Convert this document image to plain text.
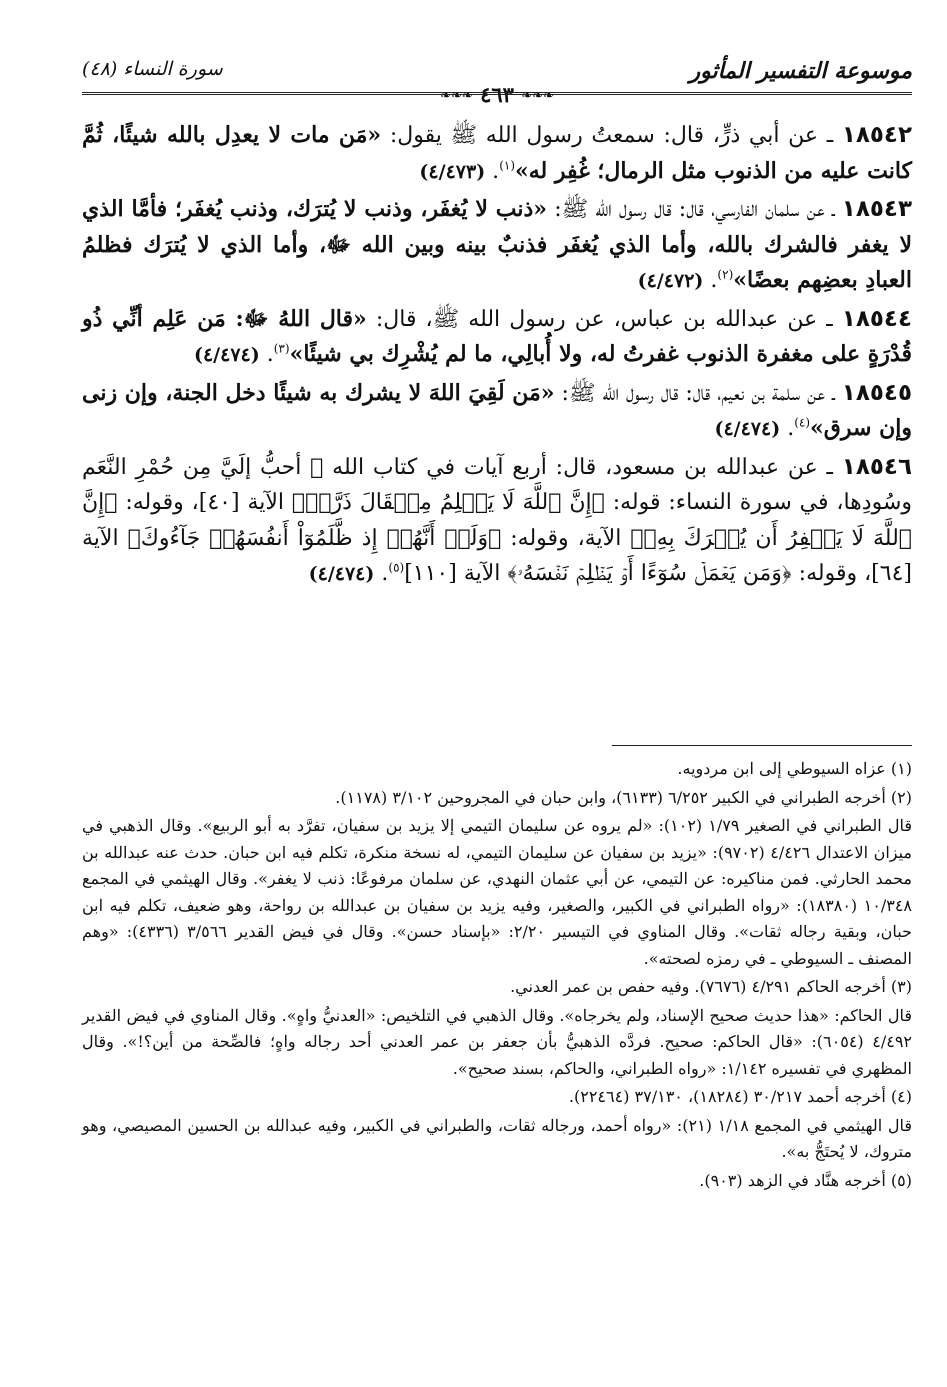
موسوعة التفسير المأثور
❧❧❧ ٤٦٣ ❧❧❧
سورة النساء (٤٨)

١٨٥٤٢ ـ عن أبي ذرٍّ، قال: سمعتُ رسول الله ﷺ يقول: «مَن مات لا يعدِل بالله شيئًا، ثُمَّ كانت عليه من الذنوب مثل الرمال؛ غُفِر له»$^{(١)}$. (٤/٤٧٣)

١٨٥٤٣ ـ عن سلمان الفارسي، قال: قال رسول الله ﷺ: «ذنب لا يُغفَر، وذنب لا يُترَك، وذنب يُغفَر؛ فأمَّا الذي لا يغفر فالشرك بالله، وأما الذي يُغفَر فذنبٌ بينه وبين الله ﷻ، وأما الذي لا يُترَك فظلمُ العبادِ بعضِهم بعضًا»$^{(٢)}$. (٤/٤٧٢)

١٨٥٤٤ ـ عن عبدالله بن عباس، عن رسول الله ﷺ، قال: «قال اللهُ ﷻ: مَن عَلِم أنِّي ذُو قُدْرَةٍ على مغفرة الذنوب غفرتُ له، ولا أُبالِي، ما لم يُشْرِك بي شيئًا»$^{(٣)}$. (٤/٤٧٤)

١٨٥٤٥ ـ عن سلمة بن نعيم، قال: قال رسول الله ﷺ: «مَن لَقِيَ اللهَ لا يشرك به شيئًا دخل الجنة، وإن زنى وإن سرق»$^{(٤)}$. (٤/٤٧٤)

١٨٥٤٦ ـ عن عبدالله بن مسعود، قال: أربع آيات في كتاب الله ﷻ أحبُّ إلَيَّ مِن حُمْرِ النَّعَم وسُودِها، في سورة النساء: قوله: ﴿إِنَّ ٱللَّهَ لَا يَظۡلِمُ مِثۡقَالَ ذَرَّةٖ﴾ الآية [٤٠]، وقوله: ﴿إِنَّ ٱللَّهَ لَا يَغۡفِرُ أَن يُشۡرَكَ بِهِۦ﴾ الآية، وقوله: ﴿وَلَوۡ أَنَّهُمۡ إِذ ظَّلَمُوٓاْ أَنفُسَهُمۡ جَآءُوكَ﴾ الآية [٦٤]، وقوله: ﴿وَمَن يَعۡمَلۡ سُوٓءًا أَوۡ يَظۡلِمۡ نَفۡسَهُۥ﴾ الآية [١١٠]$^{(٥)}$. (٤/٤٧٤)

(١) عزاه السيوطي إلى ابن مردويه.

(٢) أخرجه الطبراني في الكبير ٦/٢٥٢ (٦١٣٣)، وابن حبان في المجروحين ٣/١٠٢ (١١٧٨).

قال الطبراني في الصغير ١/٧٩ (١٠٢): «لم يروه عن سليمان التيمي إلا يزيد بن سفيان، تفرَّد به أبو الربيع». وقال الذهبي في ميزان الاعتدال ٤/٤٢٦ (٩٧٠٢): «يزيد بن سفيان عن سليمان التيمي، له نسخة منكرة، تكلم فيه ابن حبان. حدث عنه عبدالله بن محمد الحارثي. فمن مناكيره: عن التيمي، عن أبي عثمان النهدي، عن سلمان مرفوعًا: ذنب لا يغفر». وقال الهيثمي في المجمع ١٠/٣٤٨ (١٨٣٨٠): «رواه الطبراني في الكبير، والصغير، وفيه يزيد بن سفيان بن عبدالله بن رواحة، وهو ضعيف، تكلم فيه ابن حبان، وبقية رجاله ثقات». وقال المناوي في التيسير ٢/٢٠: «بإسناد حسن». وقال في فيض القدير ٣/٥٦٦ (٤٣٣٦): «وهم المصنف ـ السيوطي ـ في رمزه لصحته».

(٣) أخرجه الحاكم ٤/٢٩١ (٧٦٧٦). وفيه حفص بن عمر العدني.

قال الحاكم: «هذا حديث صحيح الإسناد، ولم يخرجاه». وقال الذهبي في التلخيص: «العدنيُّ واهٍ». وقال المناوي في فيض القدير ٤/٤٩٢ (٦٠٥٤): «قال الحاكم: صحيح. فردَّه الذهبيُّ بأن جعفر بن عمر العدني أحد رجاله واهٍ؛ فالصِّحة من أين؟!». وقال المظهري في تفسيره ١/١٤٢: «رواه الطبراني، والحاكم، بسند صحيح».

(٤) أخرجه أحمد ٣٠/٢١٧ (١٨٢٨٤)، ٣٧/١٣٠ (٢٢٤٦٤).

قال الهيثمي في المجمع ١/١٨ (٢١): «رواه أحمد، ورجاله ثقات، والطبراني في الكبير، وفيه عبدالله بن الحسين المصيصي، وهو متروك، لا يُحتَجُّ به».

(٥) أخرجه هنَّاد في الزهد (٩٠٣).
